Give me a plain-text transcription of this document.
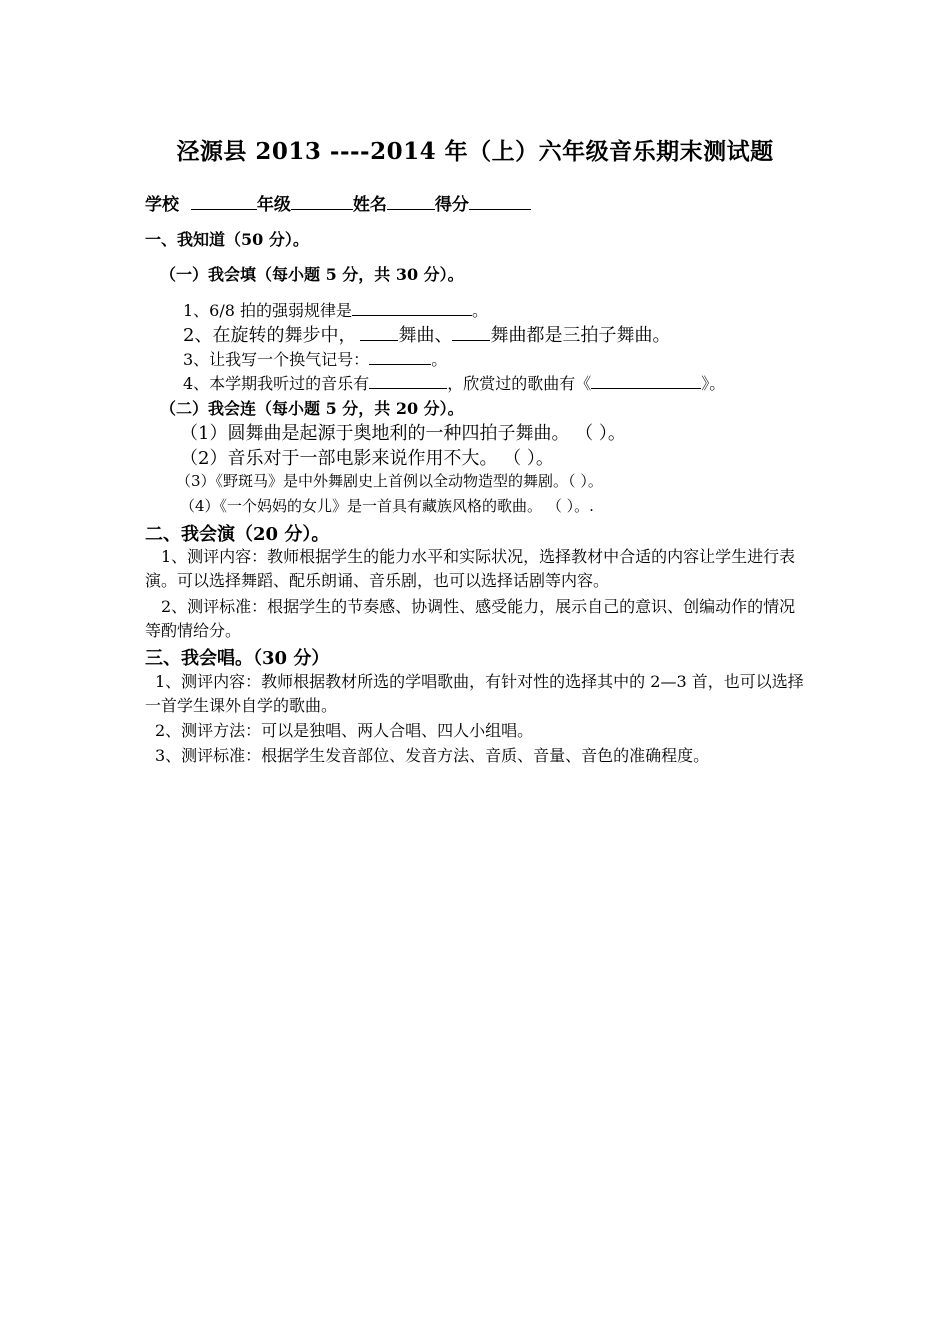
泾源县 2013 ----2014 年（上）六年级音乐期末测试题
学校	年级	姓名	得分
一、我知道（50 分）。
（一）我会填（每小题 5 分，共 30 分）。
1、6/8 拍的强弱规律是	。
2、在旋转的舞步中， 舞曲、 舞曲都是三拍子舞曲。
3、让我写一个换气记号：	。
4、本学期我听过的音乐有	，欣赏过的歌曲有《	》。
（二）我会连（每小题 5 分，共 20 分）。
（1）圆舞曲是起源于奥地利的一种四拍子舞曲。 （ ）。
（2）音乐对于一部电影来说作用不大。 （ ）。
（3）《野斑马》是中外舞剧史上首例以全动物造型的舞剧。（ ）。
（4）《一个妈妈的女儿》是一首具有藏族风格的歌曲。 （ ）。.
二、我会演（20 分）。
1、测评内容：教师根据学生的能力水平和实际状况，选择教材中合适的内容让学生进行表演。可以选择舞蹈、配乐朗诵、音乐剧，也可以选择话剧等内容。
2、测评标准：根据学生的节奏感、协调性、感受能力，展示自己的意识、创编动作的情况等酌情给分。
三、我会唱。（30 分）
1、测评内容：教师根据教材所选的学唱歌曲，有针对性的选择其中的 2—3 首，也可以选择一首学生课外自学的歌曲。
2、测评方法：可以是独唱、两人合唱、四人小组唱。
3、测评标准：根据学生发音部位、发音方法、音质、音量、音色的准确程度。
